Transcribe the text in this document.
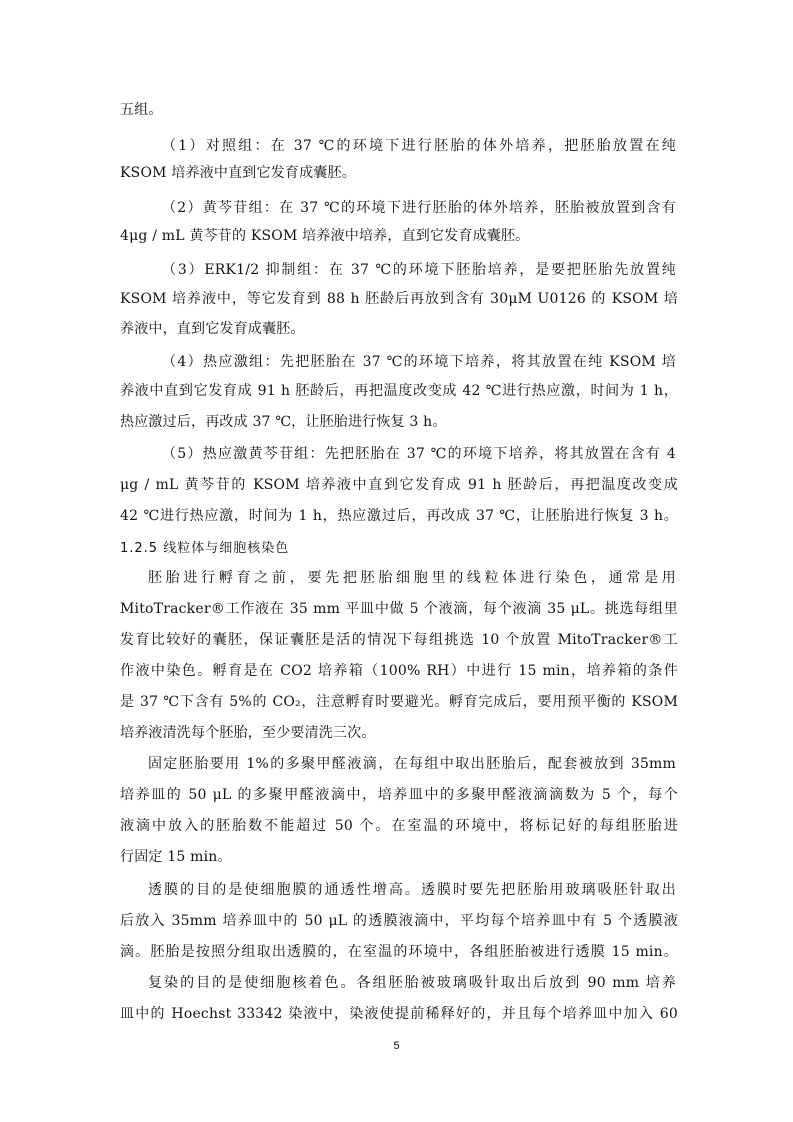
五组。
（1）对照组：在 37 ℃的环境下进行胚胎的体外培养，把胚胎放置在纯
KSOM 培养液中直到它发育成囊胚。
（2）黄芩苷组：在 37 ℃的环境下进行胚胎的体外培养，胚胎被放置到含有
4μg / mL 黄芩苷的 KSOM 培养液中培养，直到它发育成囊胚。
（3）ERK1/2 抑制组：在 37 ℃的环境下胚胎培养，是要把胚胎先放置纯
KSOM 培养液中，等它发育到 88 h 胚龄后再放到含有 30μM U0126 的 KSOM 培
养液中，直到它发育成囊胚。
（4）热应激组：先把胚胎在 37 ℃的环境下培养，将其放置在纯 KSOM 培
养液中直到它发育成 91 h 胚龄后，再把温度改变成 42 ℃进行热应激，时间为 1 h，
热应激过后，再改成 37 ℃，让胚胎进行恢复 3 h。
（5）热应激黄芩苷组：先把胚胎在 37 ℃的环境下培养，将其放置在含有 4
μg / mL 黄芩苷的 KSOM 培养液中直到它发育成 91 h 胚龄后，再把温度改变成
42 ℃进行热应激，时间为 1 h，热应激过后，再改成 37 ℃，让胚胎进行恢复 3 h。
1.2.5 线粒体与细胞核染色
胚胎进行孵育之前，要先把胚胎细胞里的线粒体进行染色，通常是用
MitoTracker®工作液在 35 mm 平皿中做 5 个液滴，每个液滴 35 μL。挑选每组里
发育比较好的囊胚，保证囊胚是活的情况下每组挑选 10 个放置 MitoTracker®工
作液中染色。孵育是在 CO2 培养箱（100% RH）中进行 15 min，培养箱的条件
是 37 ℃下含有 5%的 CO₂，注意孵育时要避光。孵育完成后，要用预平衡的 KSOM
培养液清洗每个胚胎，至少要清洗三次。
固定胚胎要用 1%的多聚甲醛液滴，在每组中取出胚胎后，配套被放到 35mm
培养皿的 50 μL 的多聚甲醛液滴中，培养皿中的多聚甲醛液滴滴数为 5 个，每个
液滴中放入的胚胎数不能超过 50 个。在室温的环境中，将标记好的每组胚胎进
行固定 15 min。
透膜的目的是使细胞膜的通透性增高。透膜时要先把胚胎用玻璃吸胚针取出
后放入 35mm 培养皿中的 50 μL 的透膜液滴中，平均每个培养皿中有 5 个透膜液
滴。胚胎是按照分组取出透膜的，在室温的环境中，各组胚胎被进行透膜 15 min。
复染的目的是使细胞核着色。各组胚胎被玻璃吸针取出后放到 90 mm 培养
皿中的 Hoechst 33342 染液中，染液使提前稀释好的，并且每个培养皿中加入 60
5
